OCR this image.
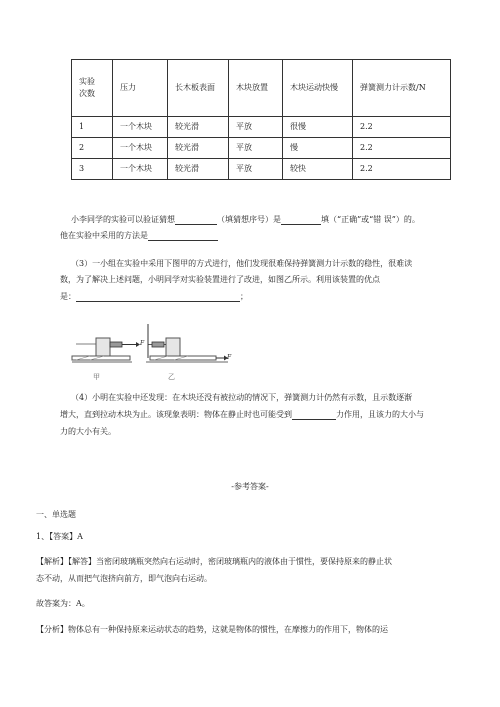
实验
次数	压力	长木板表面	木块放置	木块运动快慢	弹簧测力计示数/N
1	一个木块	较光滑	平放	很慢	2.2
2	一个木块	较光滑	平放	慢	2.2
3	一个木块	较光滑	平放	较快	2.2
小李同学的实验可以验证猜想	（填猜想序号）是	填（“正确”或“错 误”）的。
他在实验中采用的方法是
（3）一小组在实验中采用下图甲的方式进行，他们发现很难保持弹簧测力计示数的稳性，很难读
数，为了解决上述问题，小明同学对实验装置进行了改进，如图乙所示。利用该装置的优点
是：	；
F
F
甲	乙
（4）小明在实验中还发现：在木块还没有被拉动的情况下，弹簧测力计仍然有示数，且示数逐渐
增大，直到拉动木块为止。该现象表明：物体在静止时也可能受到	力作用，且该力的大小与
力的大小有关。
-参考答案-
一、单选题
1、【答案】A
【解析】【解答】当密闭玻璃瓶突然向右运动时，密闭玻璃瓶内的液体由于惯性，要保持原来的静止状
态不动，从而把气泡挤向前方，即气泡向右运动。
故答案为：A。
【分析】物体总有一种保持原来运动状态的趋势，这就是物体的惯性，在摩擦力的作用下，物体的运
